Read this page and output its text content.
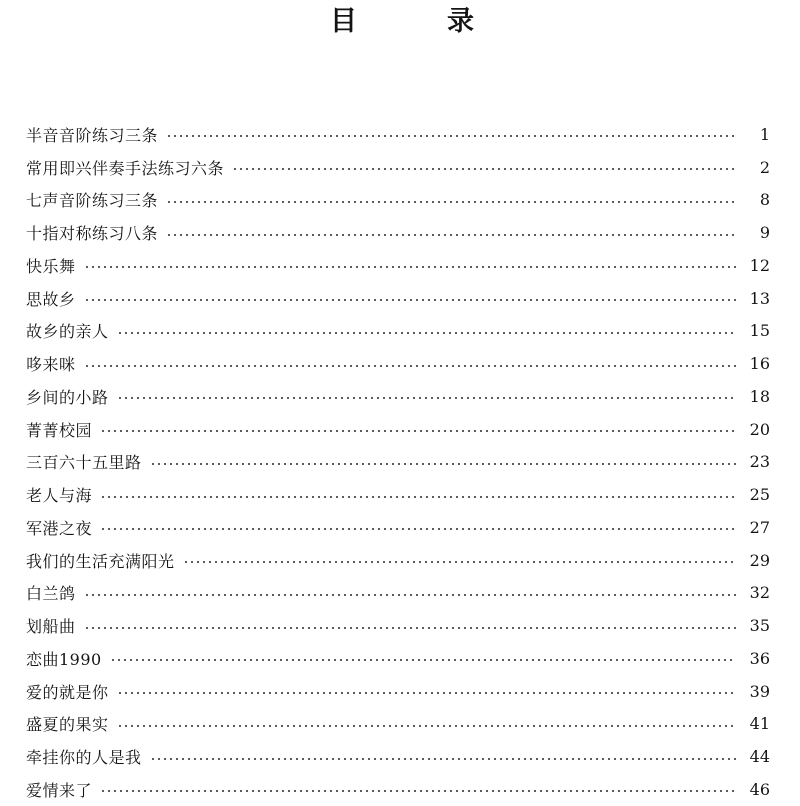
目	录
半音音阶练习三条	1
常用即兴伴奏手法练习六条	2
七声音阶练习三条	8
十指对称练习八条	9
快乐舞	12
思故乡	13
故乡的亲人	15
哆来咪	16
乡间的小路	18
菁菁校园	20
三百六十五里路	23
老人与海	25
军港之夜	27
我们的生活充满阳光	29
白兰鸽	32
划船曲	35
恋曲1990	36
爱的就是你	39
盛夏的果实	41
牵挂你的人是我	44
爱情来了	46
